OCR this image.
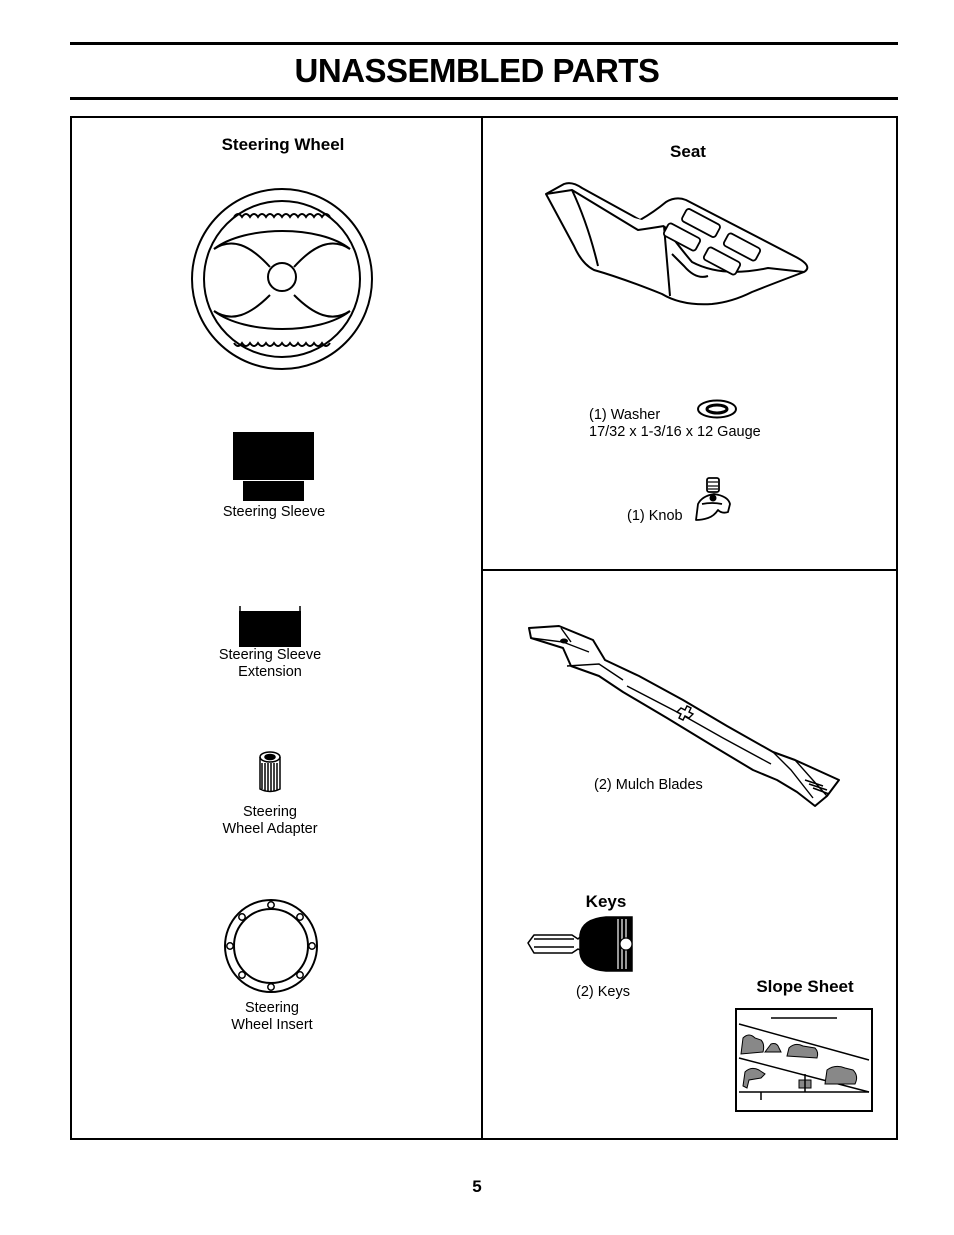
UNASSEMBLED PARTS
Steering Wheel
Steering Sleeve
Steering Sleeve
Extension
Steering
Wheel Adapter
Steering
Wheel Insert
Seat
(1) Washer
17/32 x 1-3/16 x 12 Gauge
(1) Knob
(2) Mulch Blades
Keys
(2) Keys	Slope Sheet
5
